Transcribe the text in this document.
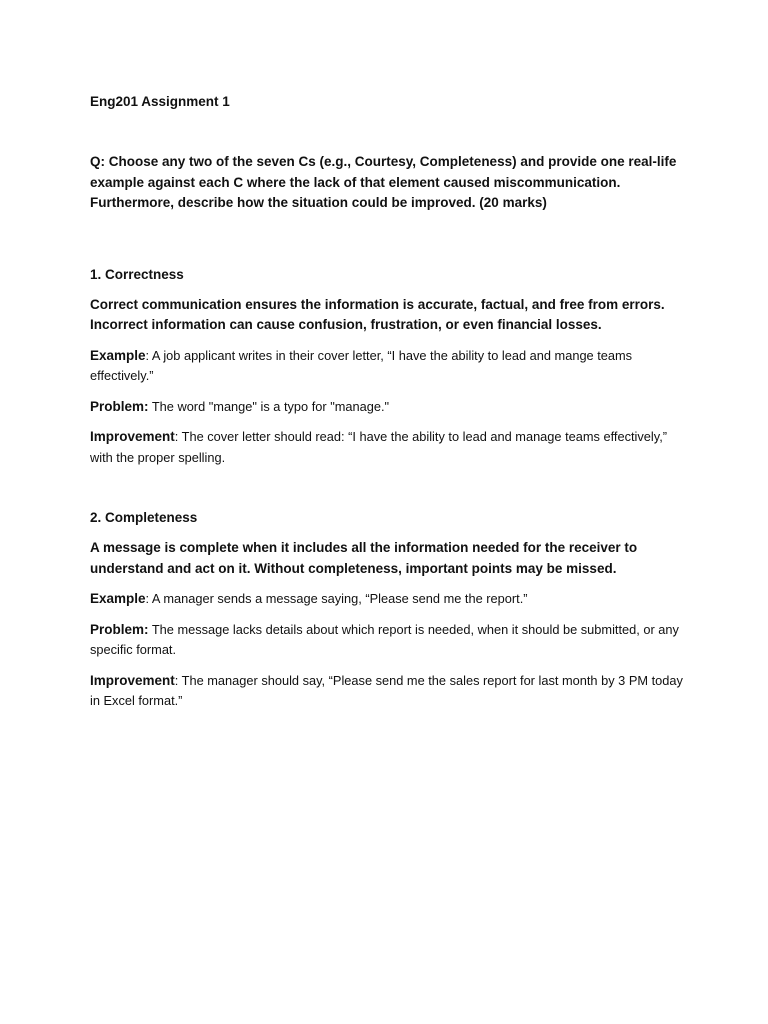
Eng201 Assignment 1

Q: Choose any two of the seven Cs (e.g., Courtesy, Completeness) and provide one real-life example against each C where the lack of that element caused miscommunication. Furthermore, describe how the situation could be improved. (20 marks)

1. Correctness

Correct communication ensures the information is accurate, factual, and free from errors. Incorrect information can cause confusion, frustration, or even financial losses.

Example: A job applicant writes in their cover letter, “I have the ability to lead and mange teams effectively.”

Problem: The word "mange" is a typo for "manage."

Improvement: The cover letter should read: “I have the ability to lead and manage teams effectively,” with the proper spelling.

2. Completeness

A message is complete when it includes all the information needed for the receiver to understand and act on it. Without completeness, important points may be missed.

Example: A manager sends a message saying, “Please send me the report.”

Problem: The message lacks details about which report is needed, when it should be submitted, or any specific format.

Improvement: The manager should say, “Please send me the sales report for last month by 3 PM today in Excel format.”
